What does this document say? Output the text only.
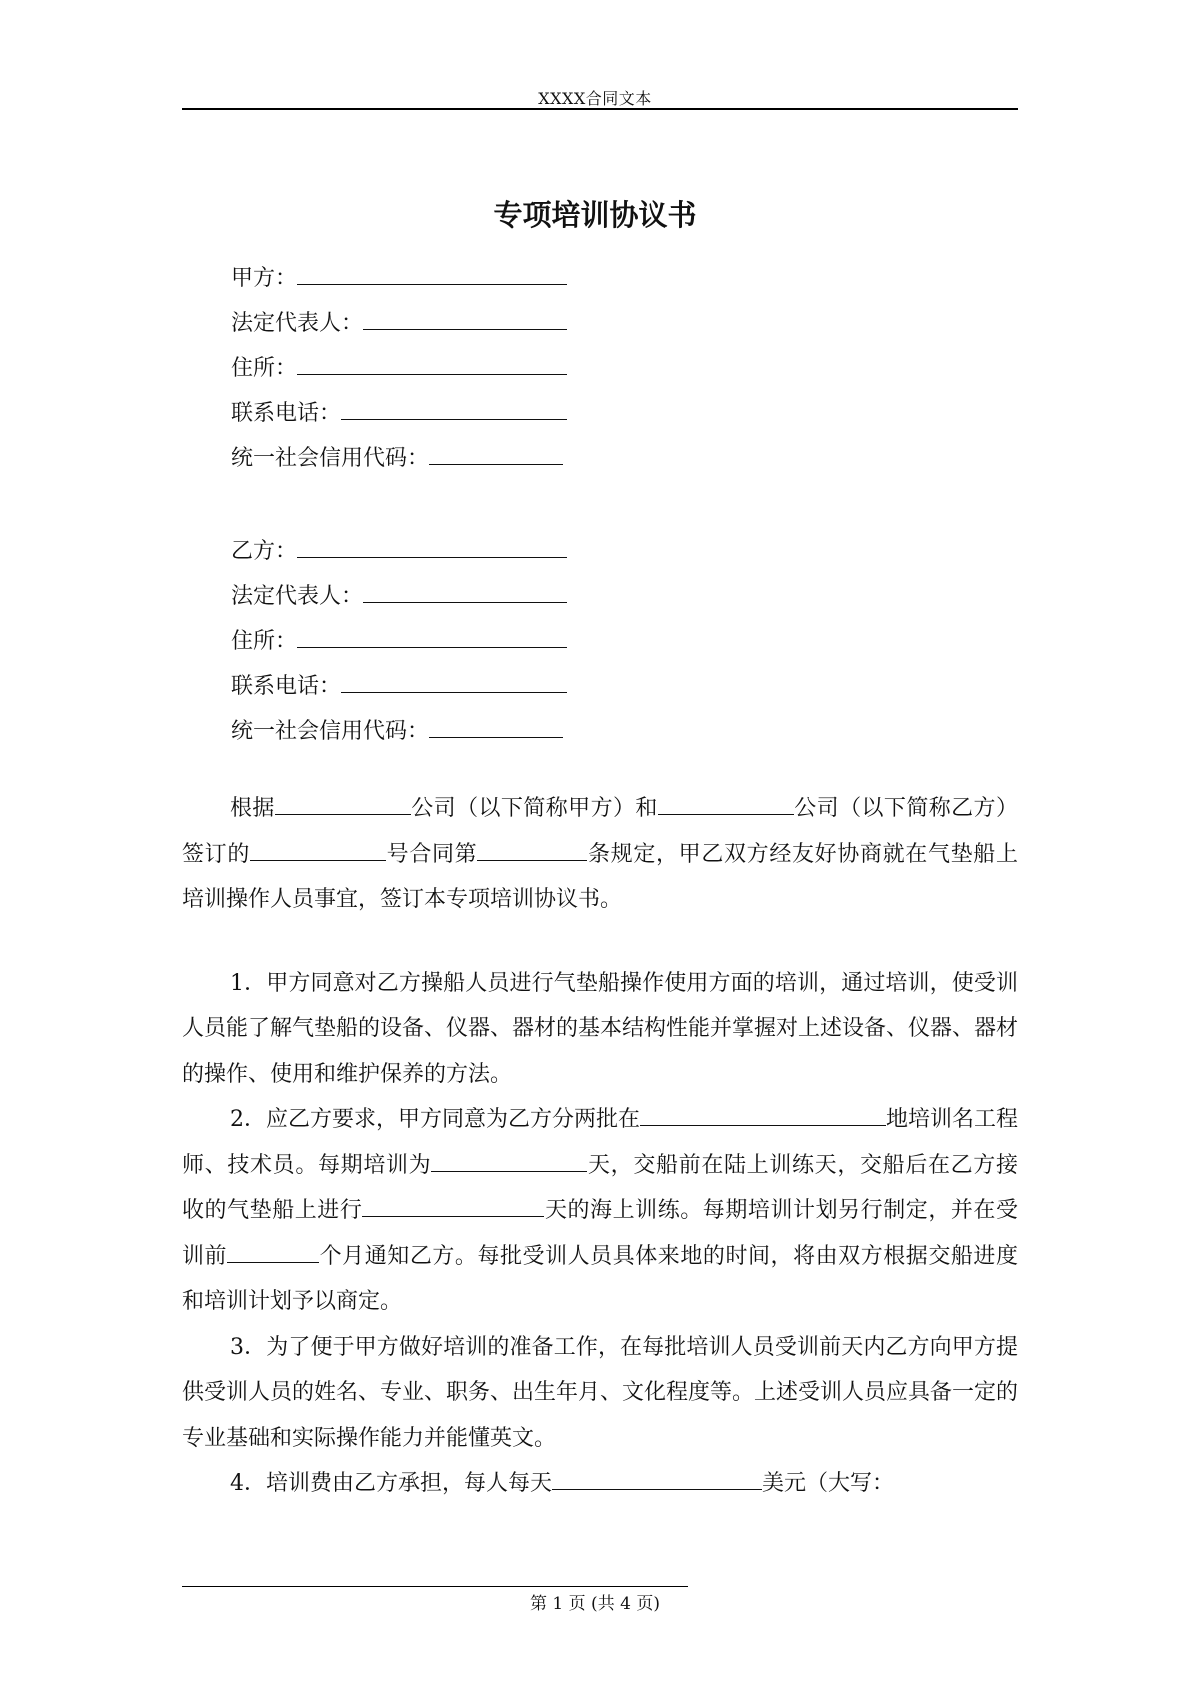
XXXX合同文本
专项培训协议书
甲方：
法定代表人：
住所：
联系电话：
统一社会信用代码：
乙方：
法定代表人：
住所：
联系电话：
统一社会信用代码：

根据	公司（以下简称甲方）和	公司（以下简称乙方）签订的	号合同第	条规定，甲乙双方经友好协商就在气垫船上培训操作人员事宜，签订本专项培训协议书。

1．甲方同意对乙方操船人员进行气垫船操作使用方面的培训，通过培训，使受训人员能了解气垫船的设备、仪器、器材的基本结构性能并掌握对上述设备、仪器、器材的操作、使用和维护保养的方法。

2．应乙方要求，甲方同意为乙方分两批在	地培训名工程师、技术员。每期培训为	天，交船前在陆上训练天，交船后在乙方接收的气垫船上进行	天的海上训练。每期培训计划另行制定，并在受训前	个月通知乙方。每批受训人员具体来地的时间，将由双方根据交船进度和培训计划予以商定。

3．为了便于甲方做好培训的准备工作，在每批培训人员受训前天内乙方向甲方提供受训人员的姓名、专业、职务、出生年月、文化程度等。上述受训人员应具备一定的专业基础和实际操作能力并能懂英文。

4．培训费由乙方承担，每人每天	美元（大写：

第 1 页 (共 4 页)
